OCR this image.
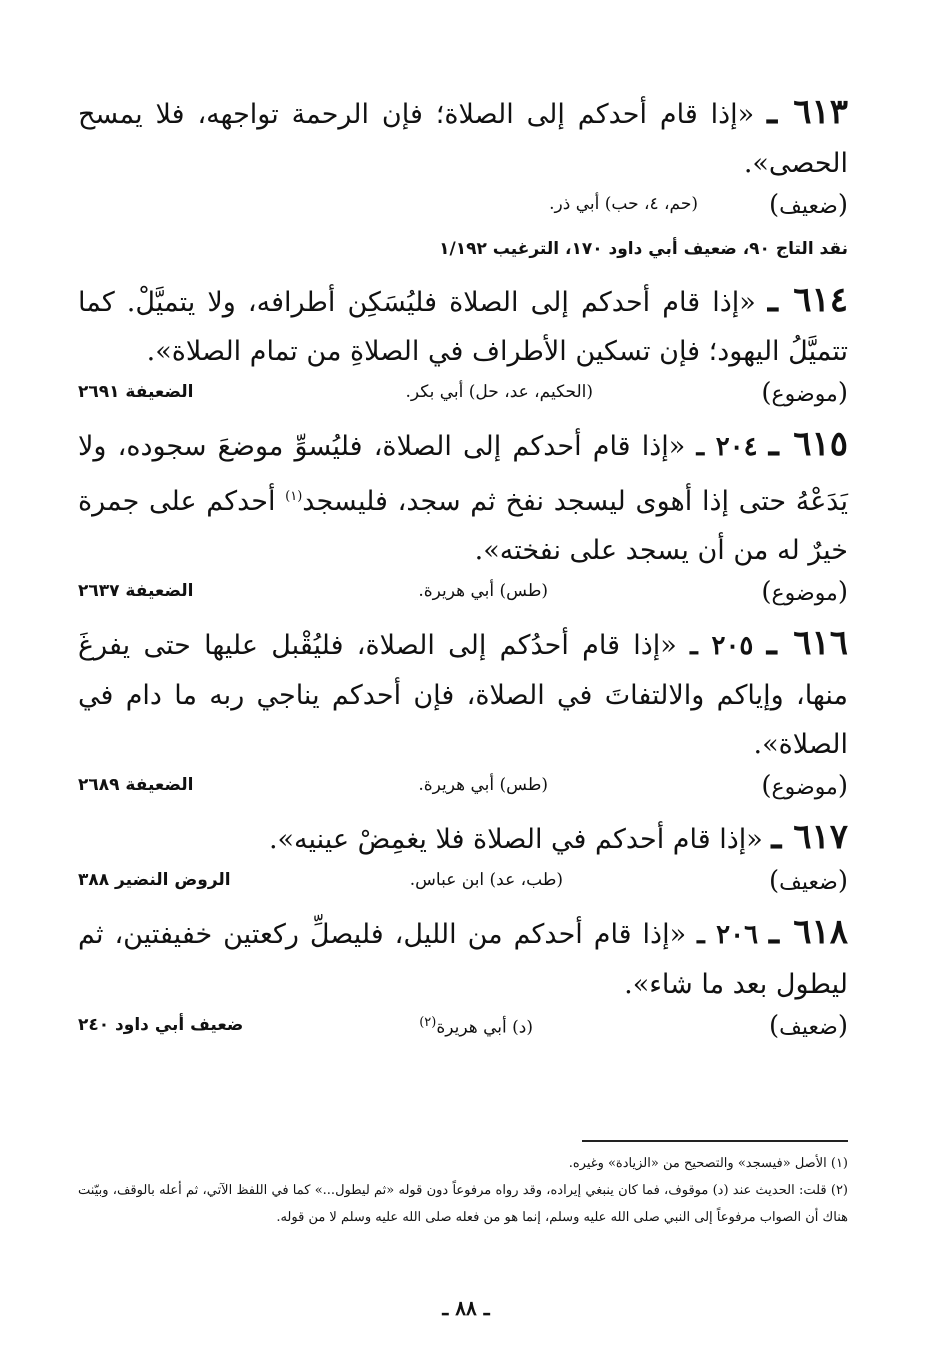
٦١٣ ـ «إذا قام أحدكم إلى الصلاة؛ فإن الرحمة تواجهه، فلا يمسح الحصى».

(ضعيف)
(حم، ٤، حب) أبي ذر.

نقد التاج ٩٠، ضعيف أبي داود ١٧٠، الترغيب ١/١٩٢

٦١٤ ـ «إذا قام أحدكم إلى الصلاة فليُسَكِن أطرافه، ولا يتميَّلْ. كما تتميَّلُ اليهود؛ فإن تسكين الأطراف في الصلاةِ من تمام الصلاة».

(موضوع)
(الحكيم، عد، حل) أبي بكر.
الضعيفة ٢٦٩١

٦١٥ ـ ٢٠٤ ـ «إذا قام أحدكم إلى الصلاة، فليُسوِّ موضعَ سجوده، ولا يَدَعْهُ حتى إذا أهوى ليسجد نفخ ثم سجد، فليسجد$^{(١)}$ أحدكم على جمرة خيرٌ له من أن يسجد على نفخته».

(موضوع)
(طس) أبي هريرة.
الضعيفة ٢٦٣٧

٦١٦ ـ ٢٠٥ ـ «إذا قام أحدُكم إلى الصلاة، فليُقْبل عليها حتى يفرغَ منها، وإياكم والالتفاتَ في الصلاة، فإن أحدكم يناجي ربه ما دام في الصلاة».

(موضوع)
(طس) أبي هريرة.
الضعيفة ٢٦٨٩

٦١٧ ـ «إذا قام أحدكم في الصلاة فلا يغمِضْ عينيه».

(ضعيف)
(طب، عد) ابن عباس.
الروض النضير ٣٨٨

٦١٨ ـ ٢٠٦ ـ «إذا قام أحدكم من الليل، فليصلِّ ركعتين خفيفتين، ثم ليطول بعد ما شاء».

(ضعيف)
(د) أبي هريرة$^{(٢)}$
ضعيف أبي داود ٢٤٠

(١) الأصل «فيسجد» والتصحيح من «الزيادة» وغيره.

(٢) قلت: الحديث عند (د) موقوف، فما كان ينبغي إيراده، وقد رواه مرفوعاً دون قوله «ثم ليطول...» كما في اللفظ الآتي، ثم أعله بالوقف، وبيّنت هناك أن الصواب مرفوعاً إلى النبي صلى الله عليه وسلم، إنما هو من فعله صلى الله عليه وسلم لا من قوله.

ـ ٨٨ ـ
